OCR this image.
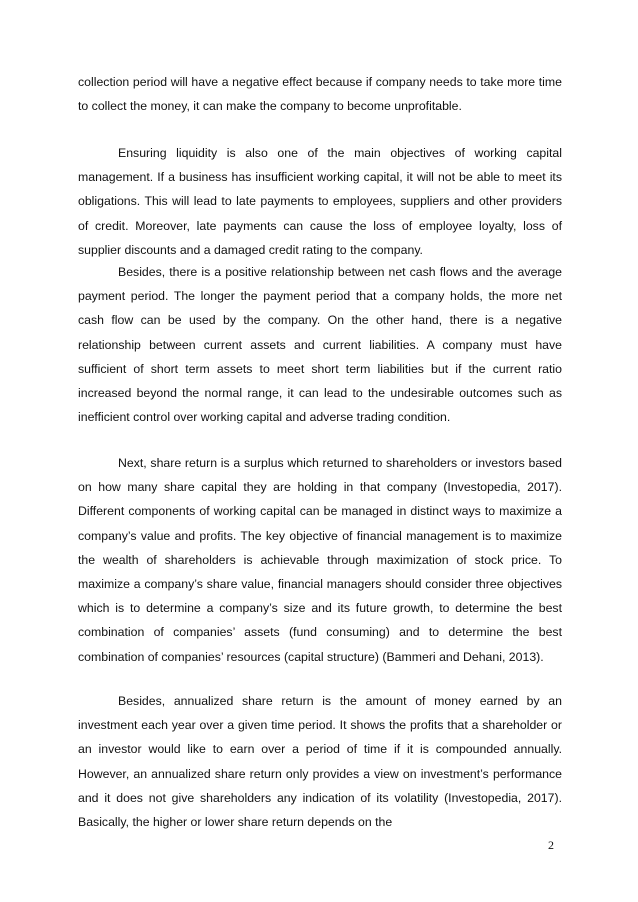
collection period will have a negative effect because if company needs to take more time to collect the money, it can make the company to become unprofitable.

Ensuring liquidity is also one of the main objectives of working capital management. If a business has insufficient working capital, it will not be able to meet its obligations. This will lead to late payments to employees, suppliers and other providers of credit. Moreover, late payments can cause the loss of employee loyalty, loss of supplier discounts and a damaged credit rating to the company.

Besides, there is a positive relationship between net cash flows and the average payment period. The longer the payment period that a company holds, the more net cash flow can be used by the company. On the other hand, there is a negative relationship between current assets and current liabilities. A company must have sufficient of short term assets to meet short term liabilities but if the current ratio increased beyond the normal range, it can lead to the undesirable outcomes such as inefficient control over working capital and adverse trading condition.

Next, share return is a surplus which returned to shareholders or investors based on how many share capital they are holding in that company (Investopedia, 2017). Different components of working capital can be managed in distinct ways to maximize a company’s value and profits. The key objective of financial management is to maximize the wealth of shareholders is achievable through maximization of stock price. To maximize a company’s share value, financial managers should consider three objectives which is to determine a company’s size and its future growth, to determine the best combination of companies’ assets (fund consuming) and to determine the best combination of companies’ resources (capital structure) (Bammeri and Dehani, 2013).

Besides, annualized share return is the amount of money earned by an investment each year over a given time period. It shows the profits that a shareholder or an investor would like to earn over a period of time if it is compounded annually. However, an annualized share return only provides a view on investment’s performance and it does not give shareholders any indication of its volatility (Investopedia, 2017). Basically, the higher or lower share return depends on the

2
